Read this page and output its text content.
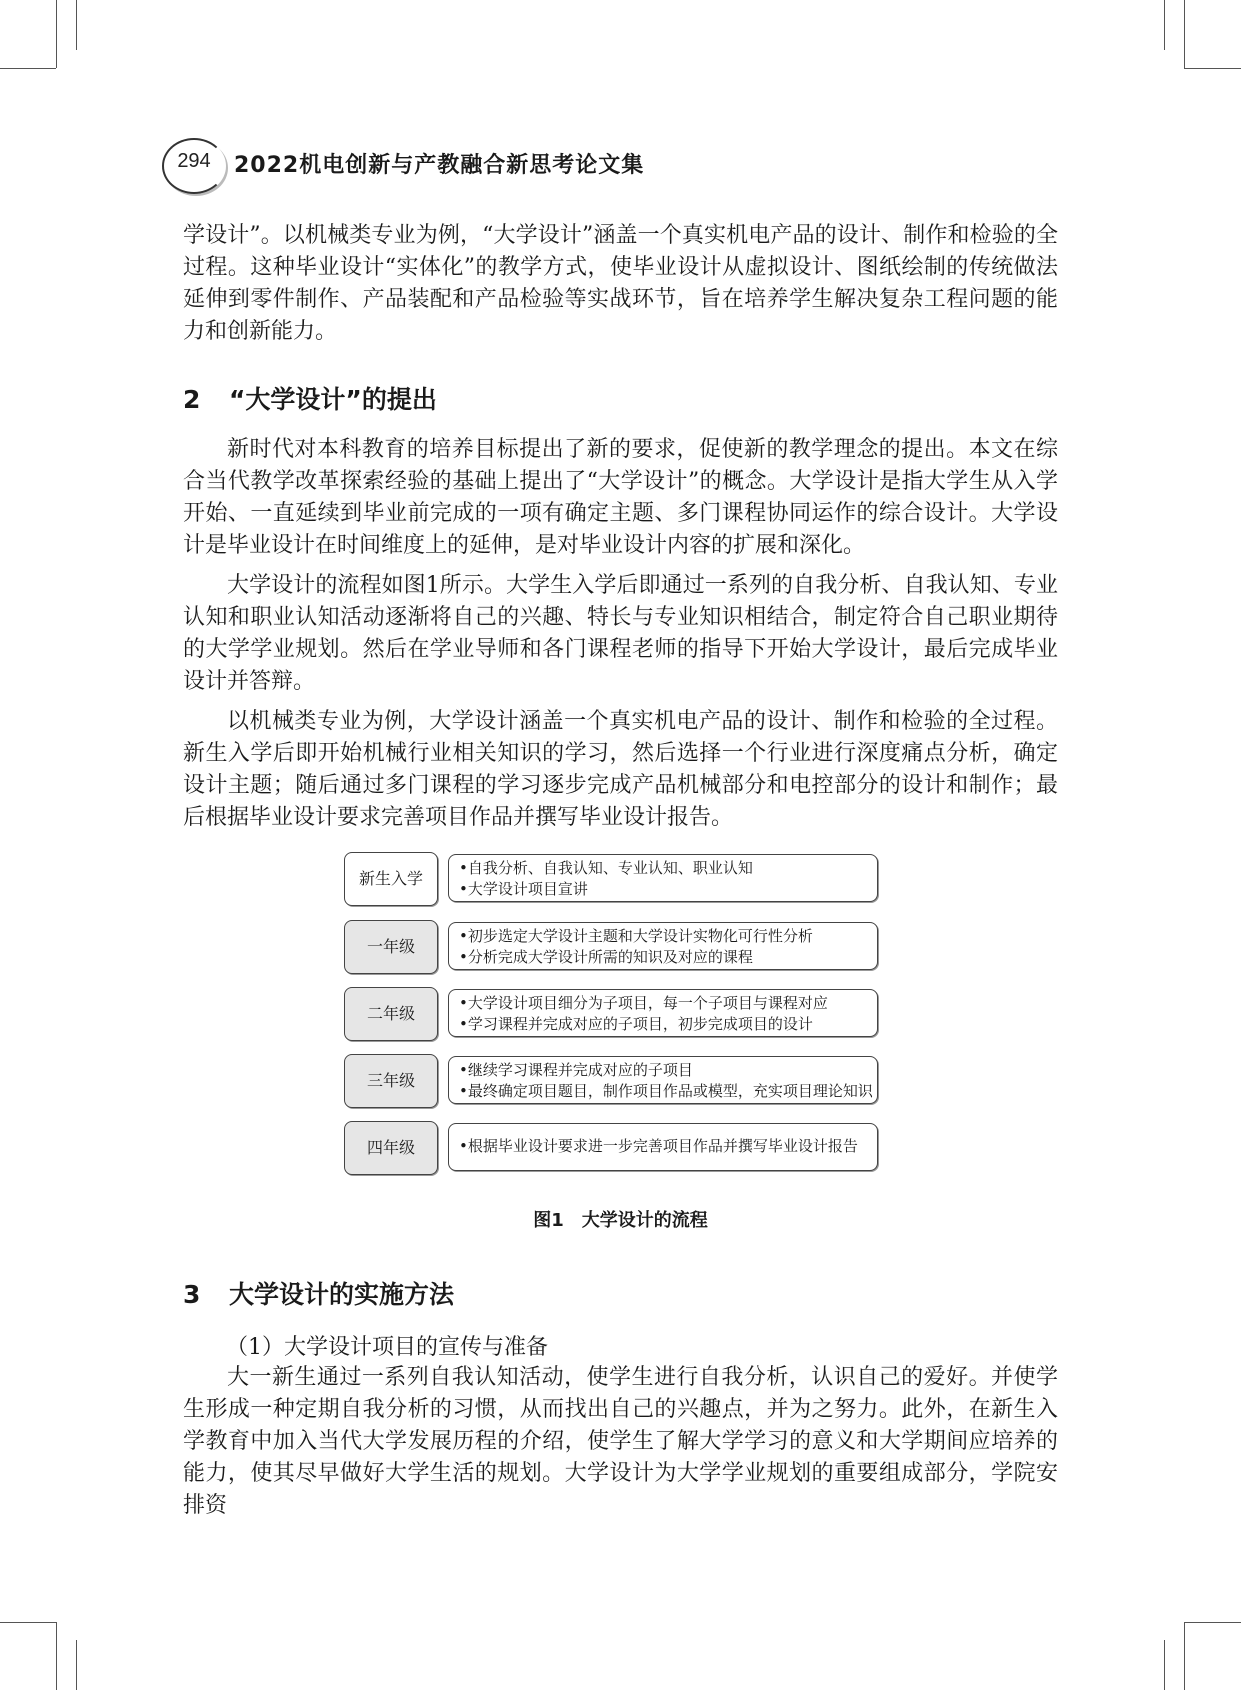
294	2022机电创新与产教融合新思考论文集

学设计”。以机械类专业为例，“大学设计”涵盖一个真实机电产品的设计、制作和检验的全过程。这种毕业设计“实体化”的教学方式，使毕业设计从虚拟设计、图纸绘制的传统做法延伸到零件制作、产品装配和产品检验等实战环节，旨在培养学生解决复杂工程问题的能力和创新能力。

2 “大学设计”的提出

新时代对本科教育的培养目标提出了新的要求，促使新的教学理念的提出。本文在综合当代教学改革探索经验的基础上提出了“大学设计”的概念。大学设计是指大学生从入学开始、一直延续到毕业前完成的一项有确定主题、多门课程协同运作的综合设计。大学设计是毕业设计在时间维度上的延伸，是对毕业设计内容的扩展和深化。

大学设计的流程如图1所示。大学生入学后即通过一系列的自我分析、自我认知、专业认知和职业认知活动逐渐将自己的兴趣、特长与专业知识相结合，制定符合自己职业期待的大学学业规划。然后在学业导师和各门课程老师的指导下开始大学设计，最后完成毕业设计并答辩。

以机械类专业为例，大学设计涵盖一个真实机电产品的设计、制作和检验的全过程。新生入学后即开始机械行业相关知识的学习，然后选择一个行业进行深度痛点分析，确定设计主题；随后通过多门课程的学习逐步完成产品机械部分和电控部分的设计和制作；最后根据毕业设计要求完善项目作品并撰写毕业设计报告。

新生入学
•自我分析、自我认知、专业认知、职业认知
•大学设计项目宣讲
一年级
•初步选定大学设计主题和大学设计实物化可行性分析
•分析完成大学设计所需的知识及对应的课程
二年级
•大学设计项目细分为子项目，每一个子项目与课程对应
•学习课程并完成对应的子项目，初步完成项目的设计
三年级
•继续学习课程并完成对应的子项目
•最终确定项目题目，制作项目作品或模型，充实项目理论知识
四年级	•根据毕业设计要求进一步完善项目作品并撰写毕业设计报告
图1　大学设计的流程
3 大学设计的实施方法
（1）大学设计项目的宣传与准备

大一新生通过一系列自我认知活动，使学生进行自我分析，认识自己的爱好。并使学生形成一种定期自我分析的习惯，从而找出自己的兴趣点，并为之努力。此外，在新生入学教育中加入当代大学发展历程的介绍，使学生了解大学学习的意义和大学期间应培养的能力，使其尽早做好大学生活的规划。大学设计为大学学业规划的重要组成部分，学院安排资
